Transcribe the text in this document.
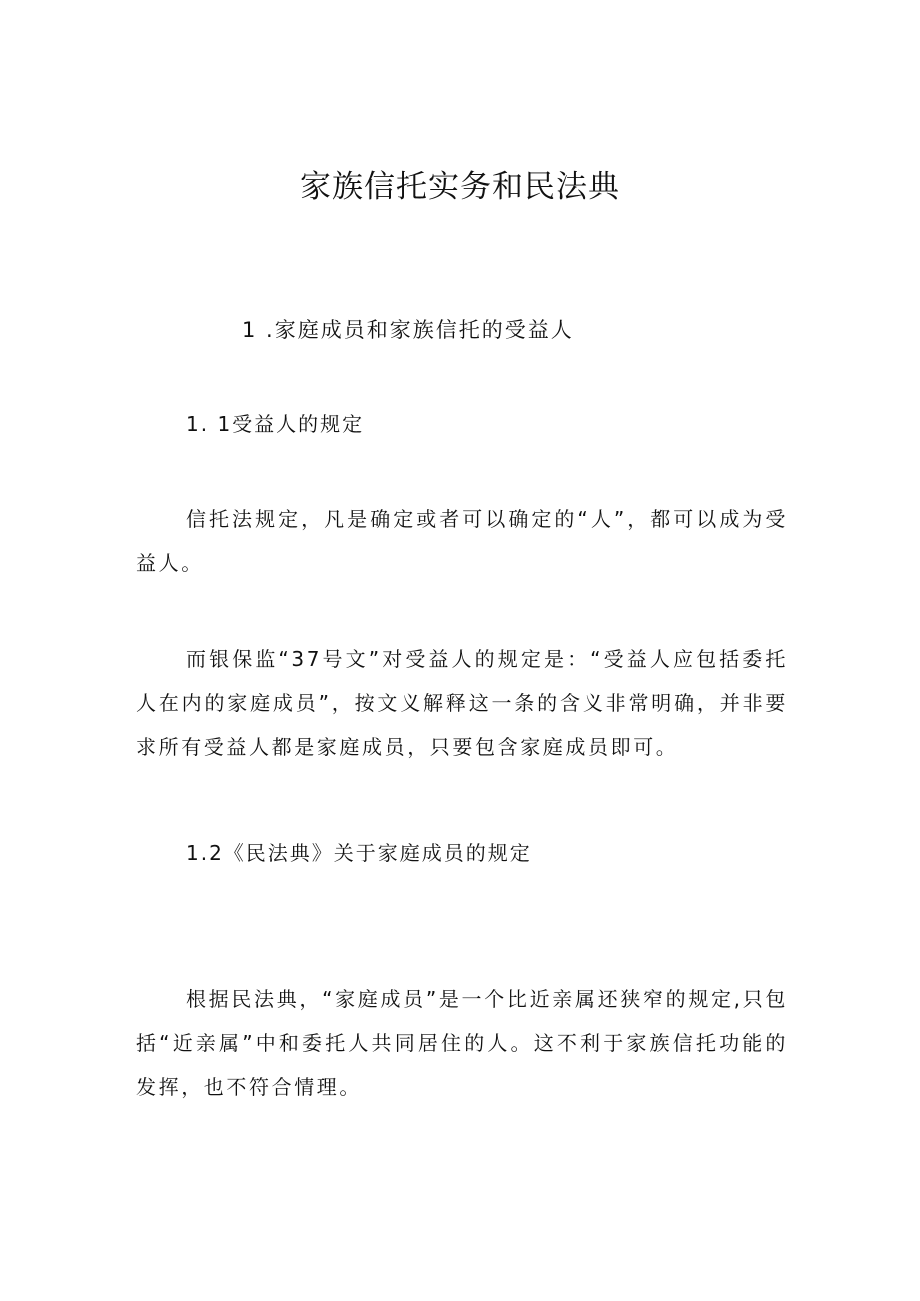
家族信托实务和民法典
1 .家庭成员和家族信托的受益人
1. 1受益人的规定
信托法规定，凡是确定或者可以确定的“人”，都可以成为受益人。
而银保监“37号文”对受益人的规定是：“受益人应包括委托人在内的家庭成员”，按文义解释这一条的含义非常明确，并非要求所有受益人都是家庭成员，只要包含家庭成员即可。
1.2《民法典》关于家庭成员的规定
根据民法典，“家庭成员”是一个比近亲属还狭窄的规定,只包括“近亲属”中和委托人共同居住的人。这不利于家族信托功能的发挥，也不符合情理。
